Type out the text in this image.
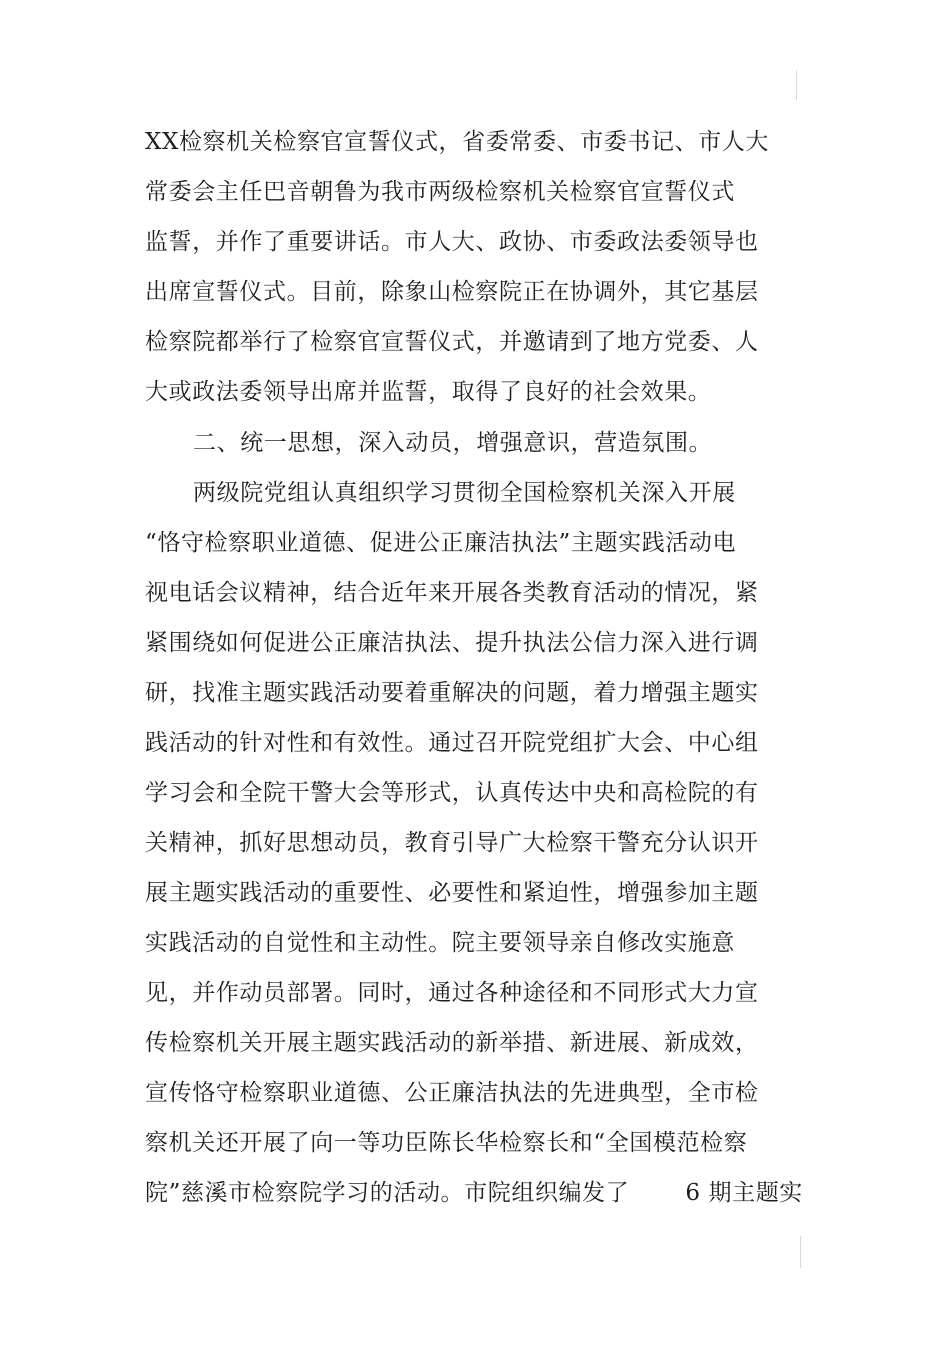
XX检察机关检察官宣誓仪式，省委常委、市委书记、市人大
常委会主任巴音朝鲁为我市两级检察机关检察官宣誓仪式
监誓，并作了重要讲话。市人大、政协、市委政法委领导也
出席宣誓仪式。目前，除象山检察院正在协调外，其它基层
检察院都举行了检察官宣誓仪式，并邀请到了地方党委、人
大或政法委领导出席并监誓，取得了良好的社会效果。
二、统一思想，深入动员，增强意识，营造氛围。
两级院党组认真组织学习贯彻全国检察机关深入开展
“恪守检察职业道德、促进公正廉洁执法”主题实践活动电
视电话会议精神，结合近年来开展各类教育活动的情况，紧
紧围绕如何促进公正廉洁执法、提升执法公信力深入进行调
研，找准主题实践活动要着重解决的问题，着力增强主题实
践活动的针对性和有效性。通过召开院党组扩大会、中心组
学习会和全院干警大会等形式，认真传达中央和高检院的有
关精神，抓好思想动员，教育引导广大检察干警充分认识开
展主题实践活动的重要性、必要性和紧迫性，增强参加主题
实践活动的自觉性和主动性。院主要领导亲自修改实施意
见，并作动员部署。同时，通过各种途径和不同形式大力宣
传检察机关开展主题实践活动的新举措、新进展、新成效，
宣传恪守检察职业道德、公正廉洁执法的先进典型，全市检
察机关还开展了向一等功臣陈长华检察长和“全国模范检察
院”慈溪市检察院学习的活动。市院组织编发了 6 期主题实
